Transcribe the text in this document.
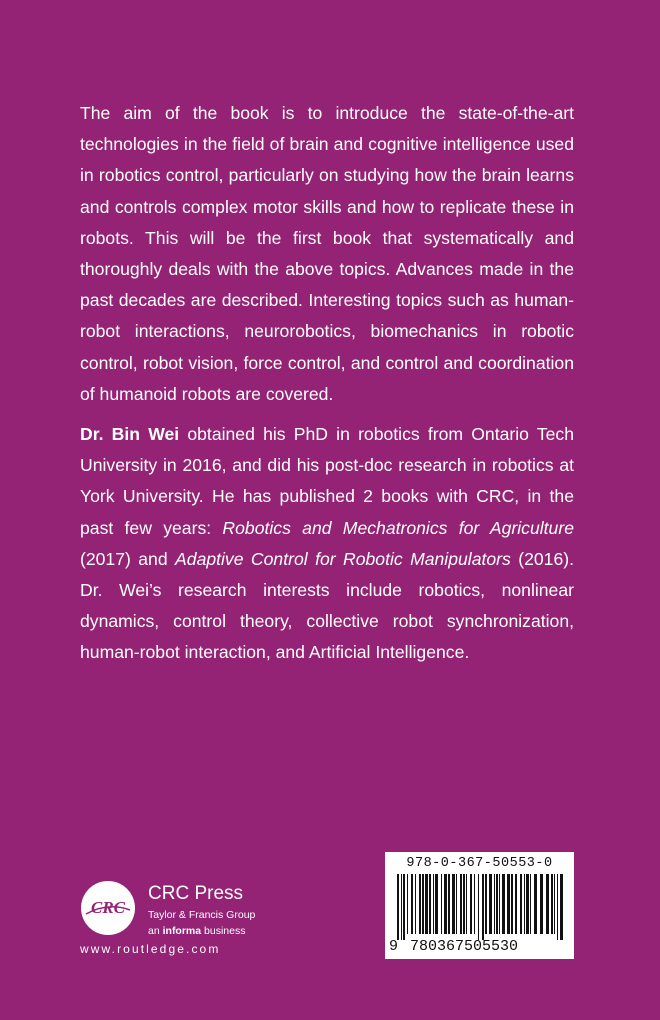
The aim of the book is to introduce the state-of-the-art technologies in the field of brain and cognitive intelligence used in robotics control, particularly on studying how the brain learns and controls complex motor skills and how to replicate these in robots. This will be the first book that systematically and thoroughly deals with the above topics. Advances made in the past decades are described. Interesting topics such as human-robot interactions, neurorobotics, biomechanics in robotic control, robot vision, force control, and control and coordination of humanoid robots are covered.

Dr. Bin Wei obtained his PhD in robotics from Ontario Tech University in 2016, and did his post-doc research in robotics at York University. He has published 2 books with CRC, in the past few years: Robotics and Mechatronics for Agriculture (2017) and Adaptive Control for Robotic Manipulators (2016). Dr. Wei’s research interests include robotics, nonlinear dynamics, control theory, collective robot synchronization, human-robot interaction, and Artificial Intelligence.

CRC
CRC Press
Taylor & Francis Group
an informa business
www.routledge.com
978-0-367-50553-0
9 780367505530
